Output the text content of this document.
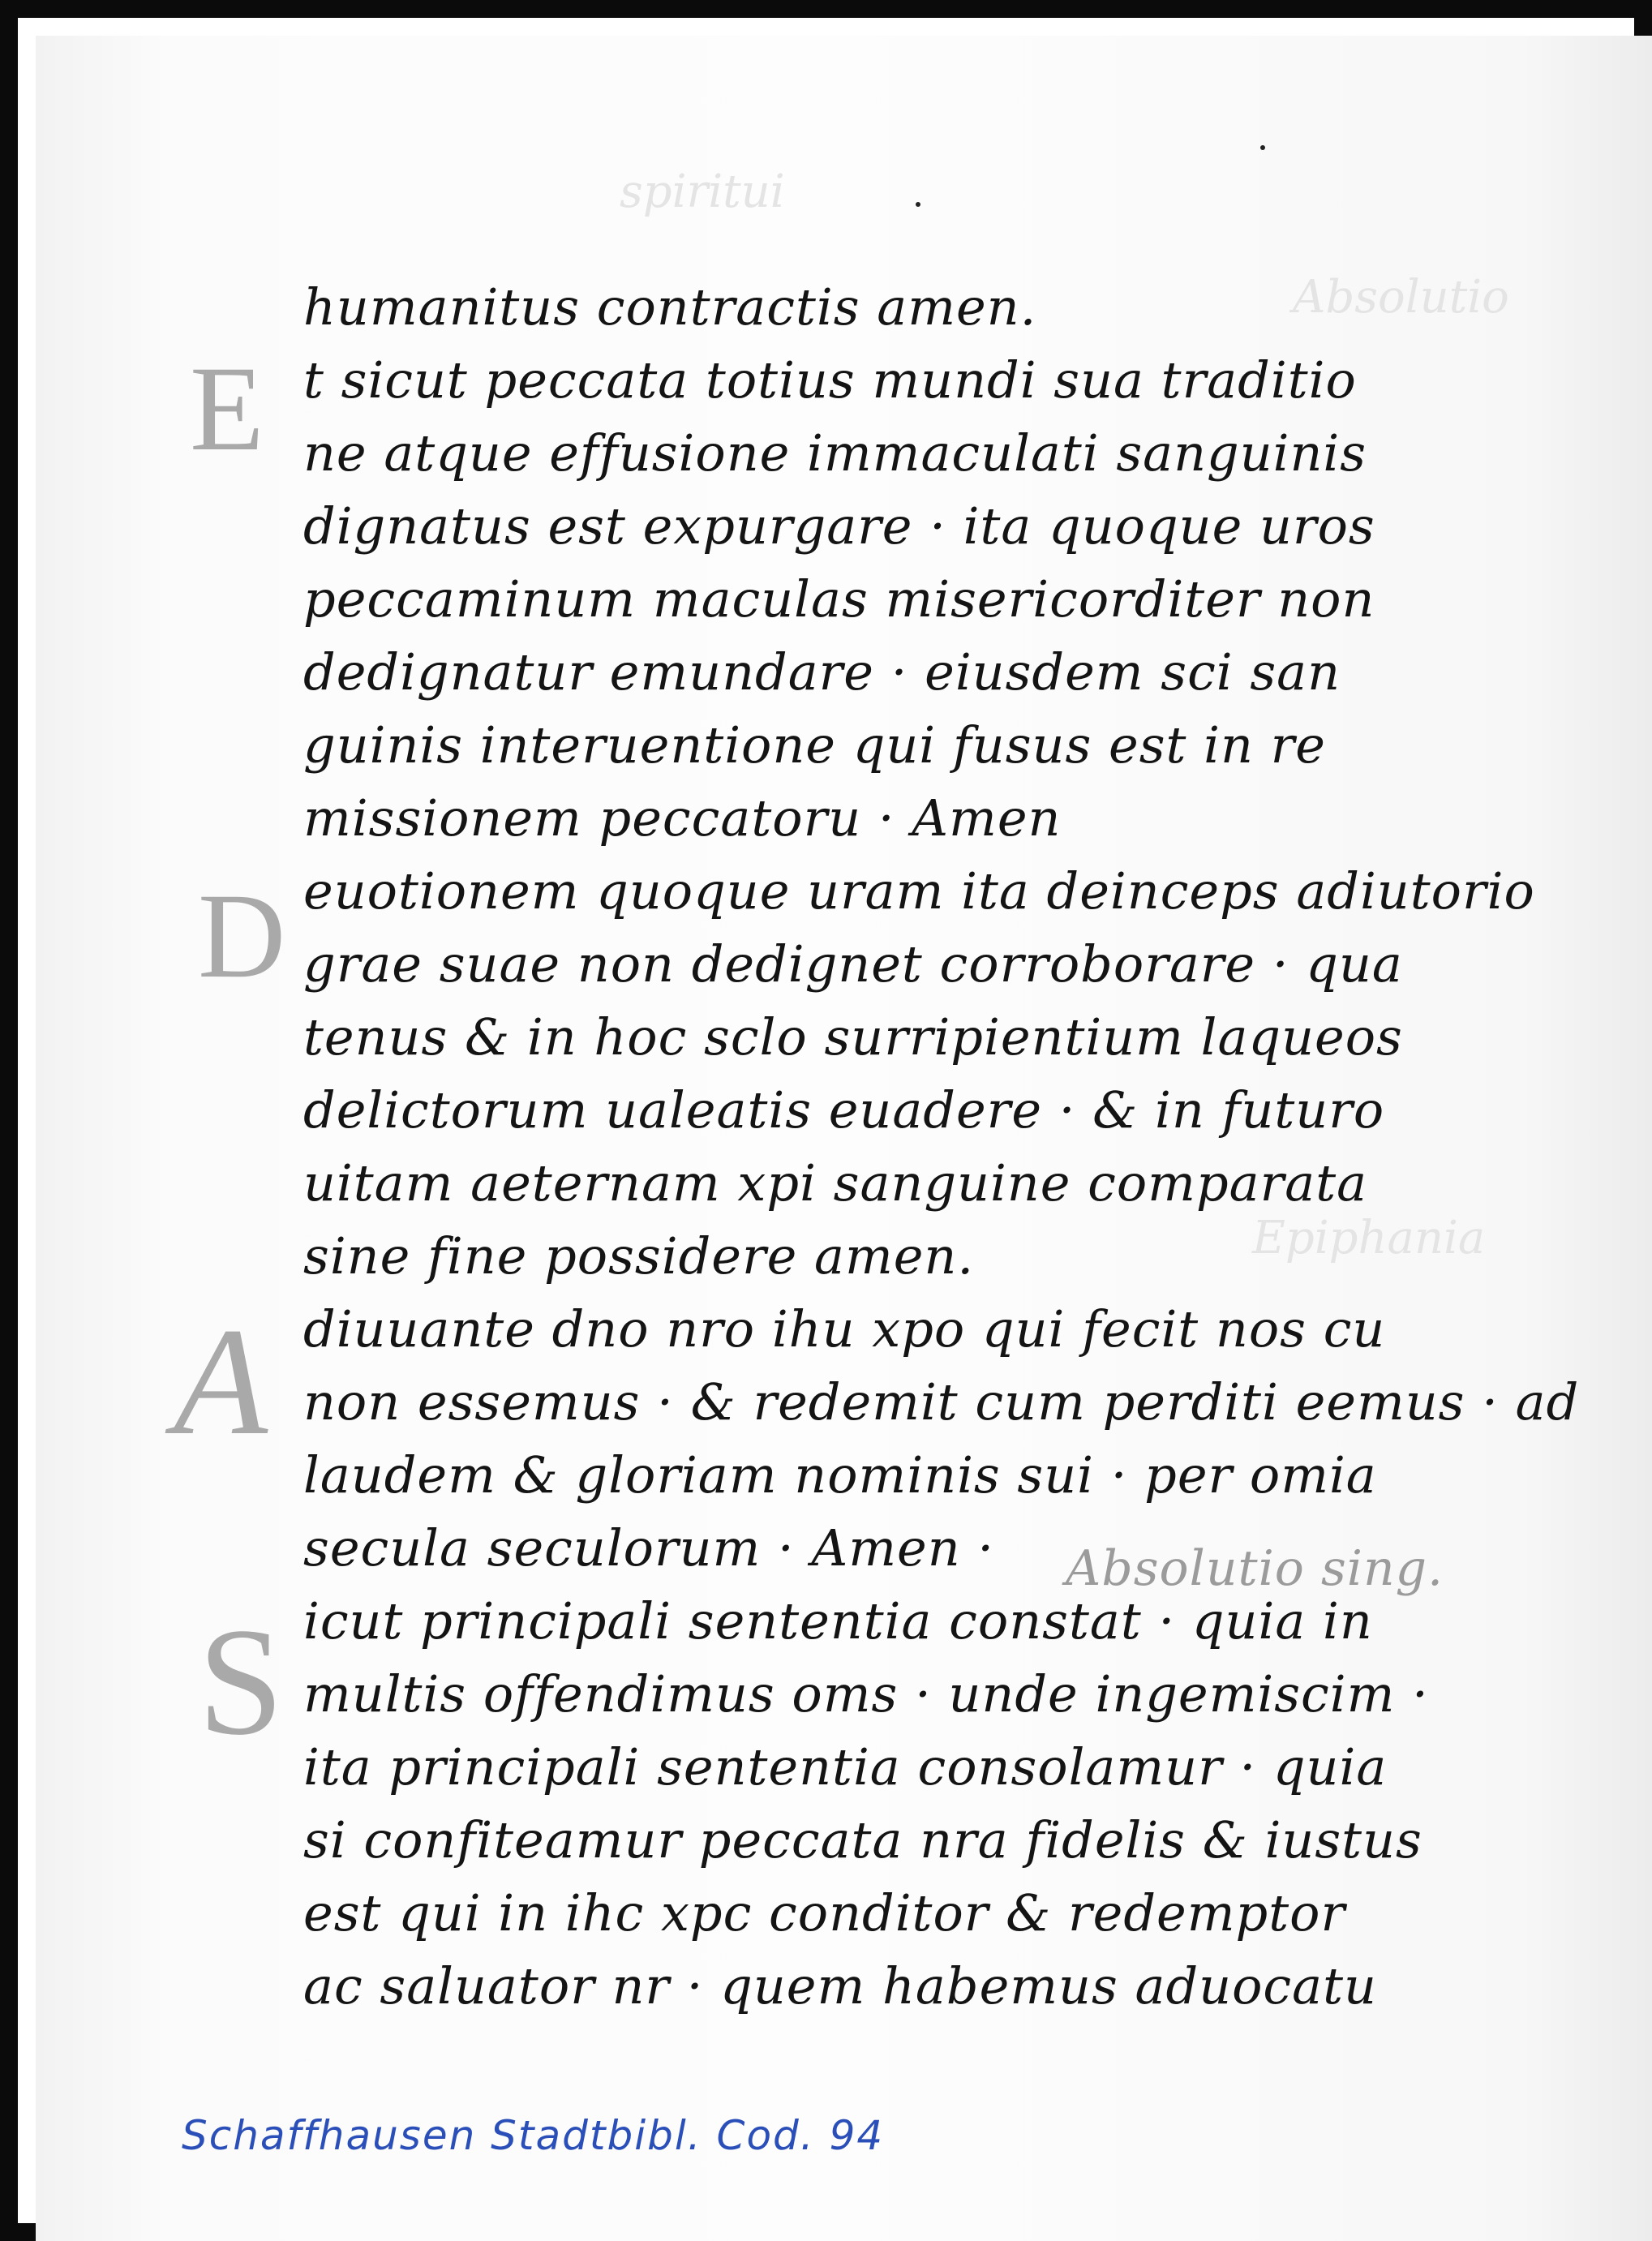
spiritui
Absolutio
Epiphania
E
D
A
S
Absolutio sing.
humanitus contractis amen.
t sicut peccata totius mundi sua traditio
ne atque effusione immaculati sanguinis
dignatus est expurgare · ita quoque uros
peccaminum maculas misericorditer non
dedignatur emundare · eiusdem sci san
guinis interuentione qui fusus est in re
missionem peccatoru · Amen
euotionem quoque uram ita deinceps adiutorio
grae suae non dedignet corroborare · qua
tenus & in hoc sclo surripientium laqueos
delictorum ualeatis euadere · & in futuro
uitam aeternam xpi sanguine comparata
sine fine possidere amen.
diuuante dno nro ihu xpo qui fecit nos cu
non essemus · & redemit cum perditi eemus · ad
laudem & gloriam nominis sui · per omia
secula seculorum · Amen ·
icut principali sententia constat · quia in
multis offendimus oms · unde ingemiscim ·
ita principali sententia consolamur · quia
si confiteamur peccata nra fidelis & iustus
est qui in ihc xpc conditor & redemptor
ac saluator nr · quem habemus aduocatu
Schaffhausen Stadtbibl. Cod. 94
